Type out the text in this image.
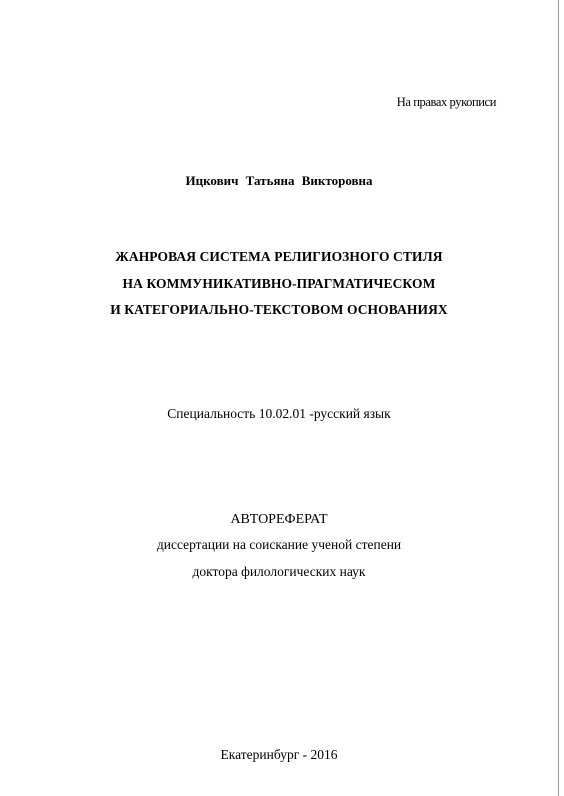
На правах рукописи
Ицкович Татьяна Викторовна
ЖАНРОВАЯ СИСТЕМА РЕЛИГИОЗНОГО СТИЛЯ
НА КОММУНИКАТИВНО-ПРАГМАТИЧЕСКОМ
И КАТЕГОРИАЛЬНО-ТЕКСТОВОМ ОСНОВАНИЯХ
Специальность 10.02.01 -русский язык
АВТОРЕФЕРАТ
диссертации на соискание ученой степени
доктора филологических наук
Екатеринбург - 2016
